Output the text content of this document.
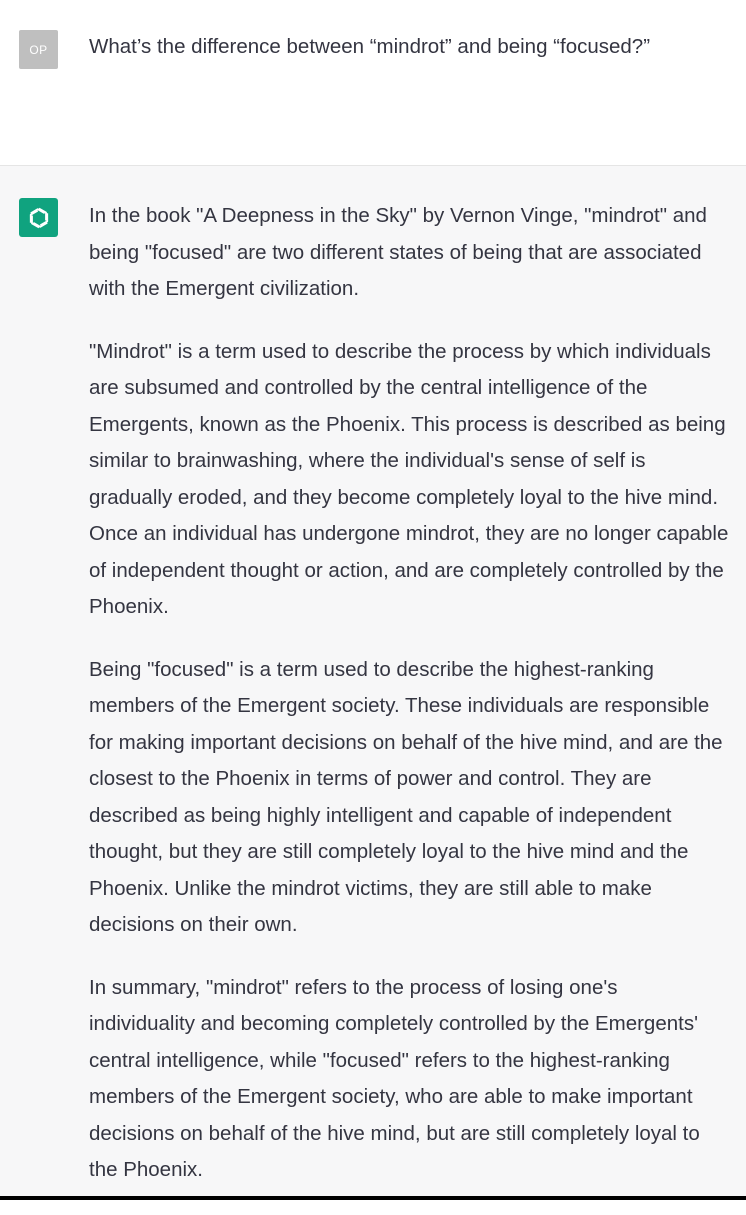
OP	What’s the difference between “mindrot” and being “focused?”

In the book "A Deepness in the Sky" by Vernon Vinge, "mindrot" and being "focused" are two different states of being that are associated with the Emergent civilization.

"Mindrot" is a term used to describe the process by which individuals are subsumed and controlled by the central intelligence of the Emergents, known as the Phoenix. This process is described as being similar to brainwashing, where the individual's sense of self is gradually eroded, and they become completely loyal to the hive mind. Once an individual has undergone mindrot, they are no longer capable of independent thought or action, and are completely controlled by the Phoenix.

Being "focused" is a term used to describe the highest-ranking members of the Emergent society. These individuals are responsible for making important decisions on behalf of the hive mind, and are the closest to the Phoenix in terms of power and control. They are described as being highly intelligent and capable of independent thought, but they are still completely loyal to the hive mind and the Phoenix. Unlike the mindrot victims, they are still able to make decisions on their own.

In summary, "mindrot" refers to the process of losing one's individuality and becoming completely controlled by the Emergents' central intelligence, while "focused" refers to the highest-ranking members of the Emergent society, who are able to make important decisions on behalf of the hive mind, but are still completely loyal to the Phoenix.
